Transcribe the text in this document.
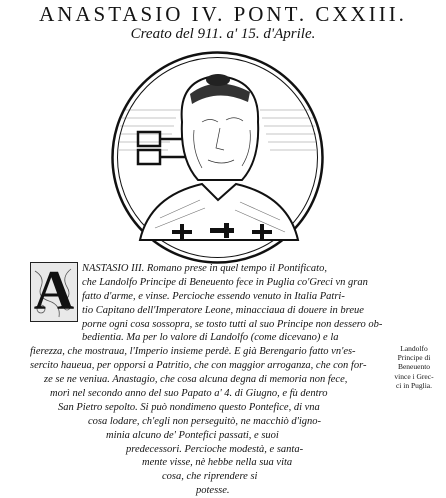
ANASTASIO IV. PONT. CXXIII.
Creato del 911. a' 15. d'Aprile.
A NASTASIO III. Romano prese in quel tempo il Pontificato,
che Landolfo Principe di Beneuento fece in Puglia co'Greci vn gran
fatto d'arme, e vinse. Percioche essendo venuto in Italia Patri-
tio Capitano dell'Imperatore Leone, minacciaua di douere in breue
porne ogni cosa sossopra, se tosto tutti al suo Principe non dessero ob-
bedientia. Ma per lo valore di Landolfo (come dicevano) e la
fierezza, che mostraua, l'Imperio insieme perdè. E già Berengario fatto vn'es-
sercito haueua, per opporsi a Patritio, che con maggior arroganza, che con for-
ze se ne veniua. Anastagio, che cosa alcuna degna di memoria non fece,
morì nel secondo anno del suo Papato a' 4. di Giugno, e fù dentro
San Pietro sepolto. Si può nondimeno questo Pontefice, di vna
cosa lodare, ch'egli non perseguitò, ne macchiò d'igno-
minia alcuno de' Pontefici passati, e suoi
predecessori. Percioche modestà, e santa-
mente visse, nè hebbe nella sua vita
cosa, che riprendere si
potesse.
Landolfo
Principe di
Beneuento
vince i Grec-
ci in Puglia.
